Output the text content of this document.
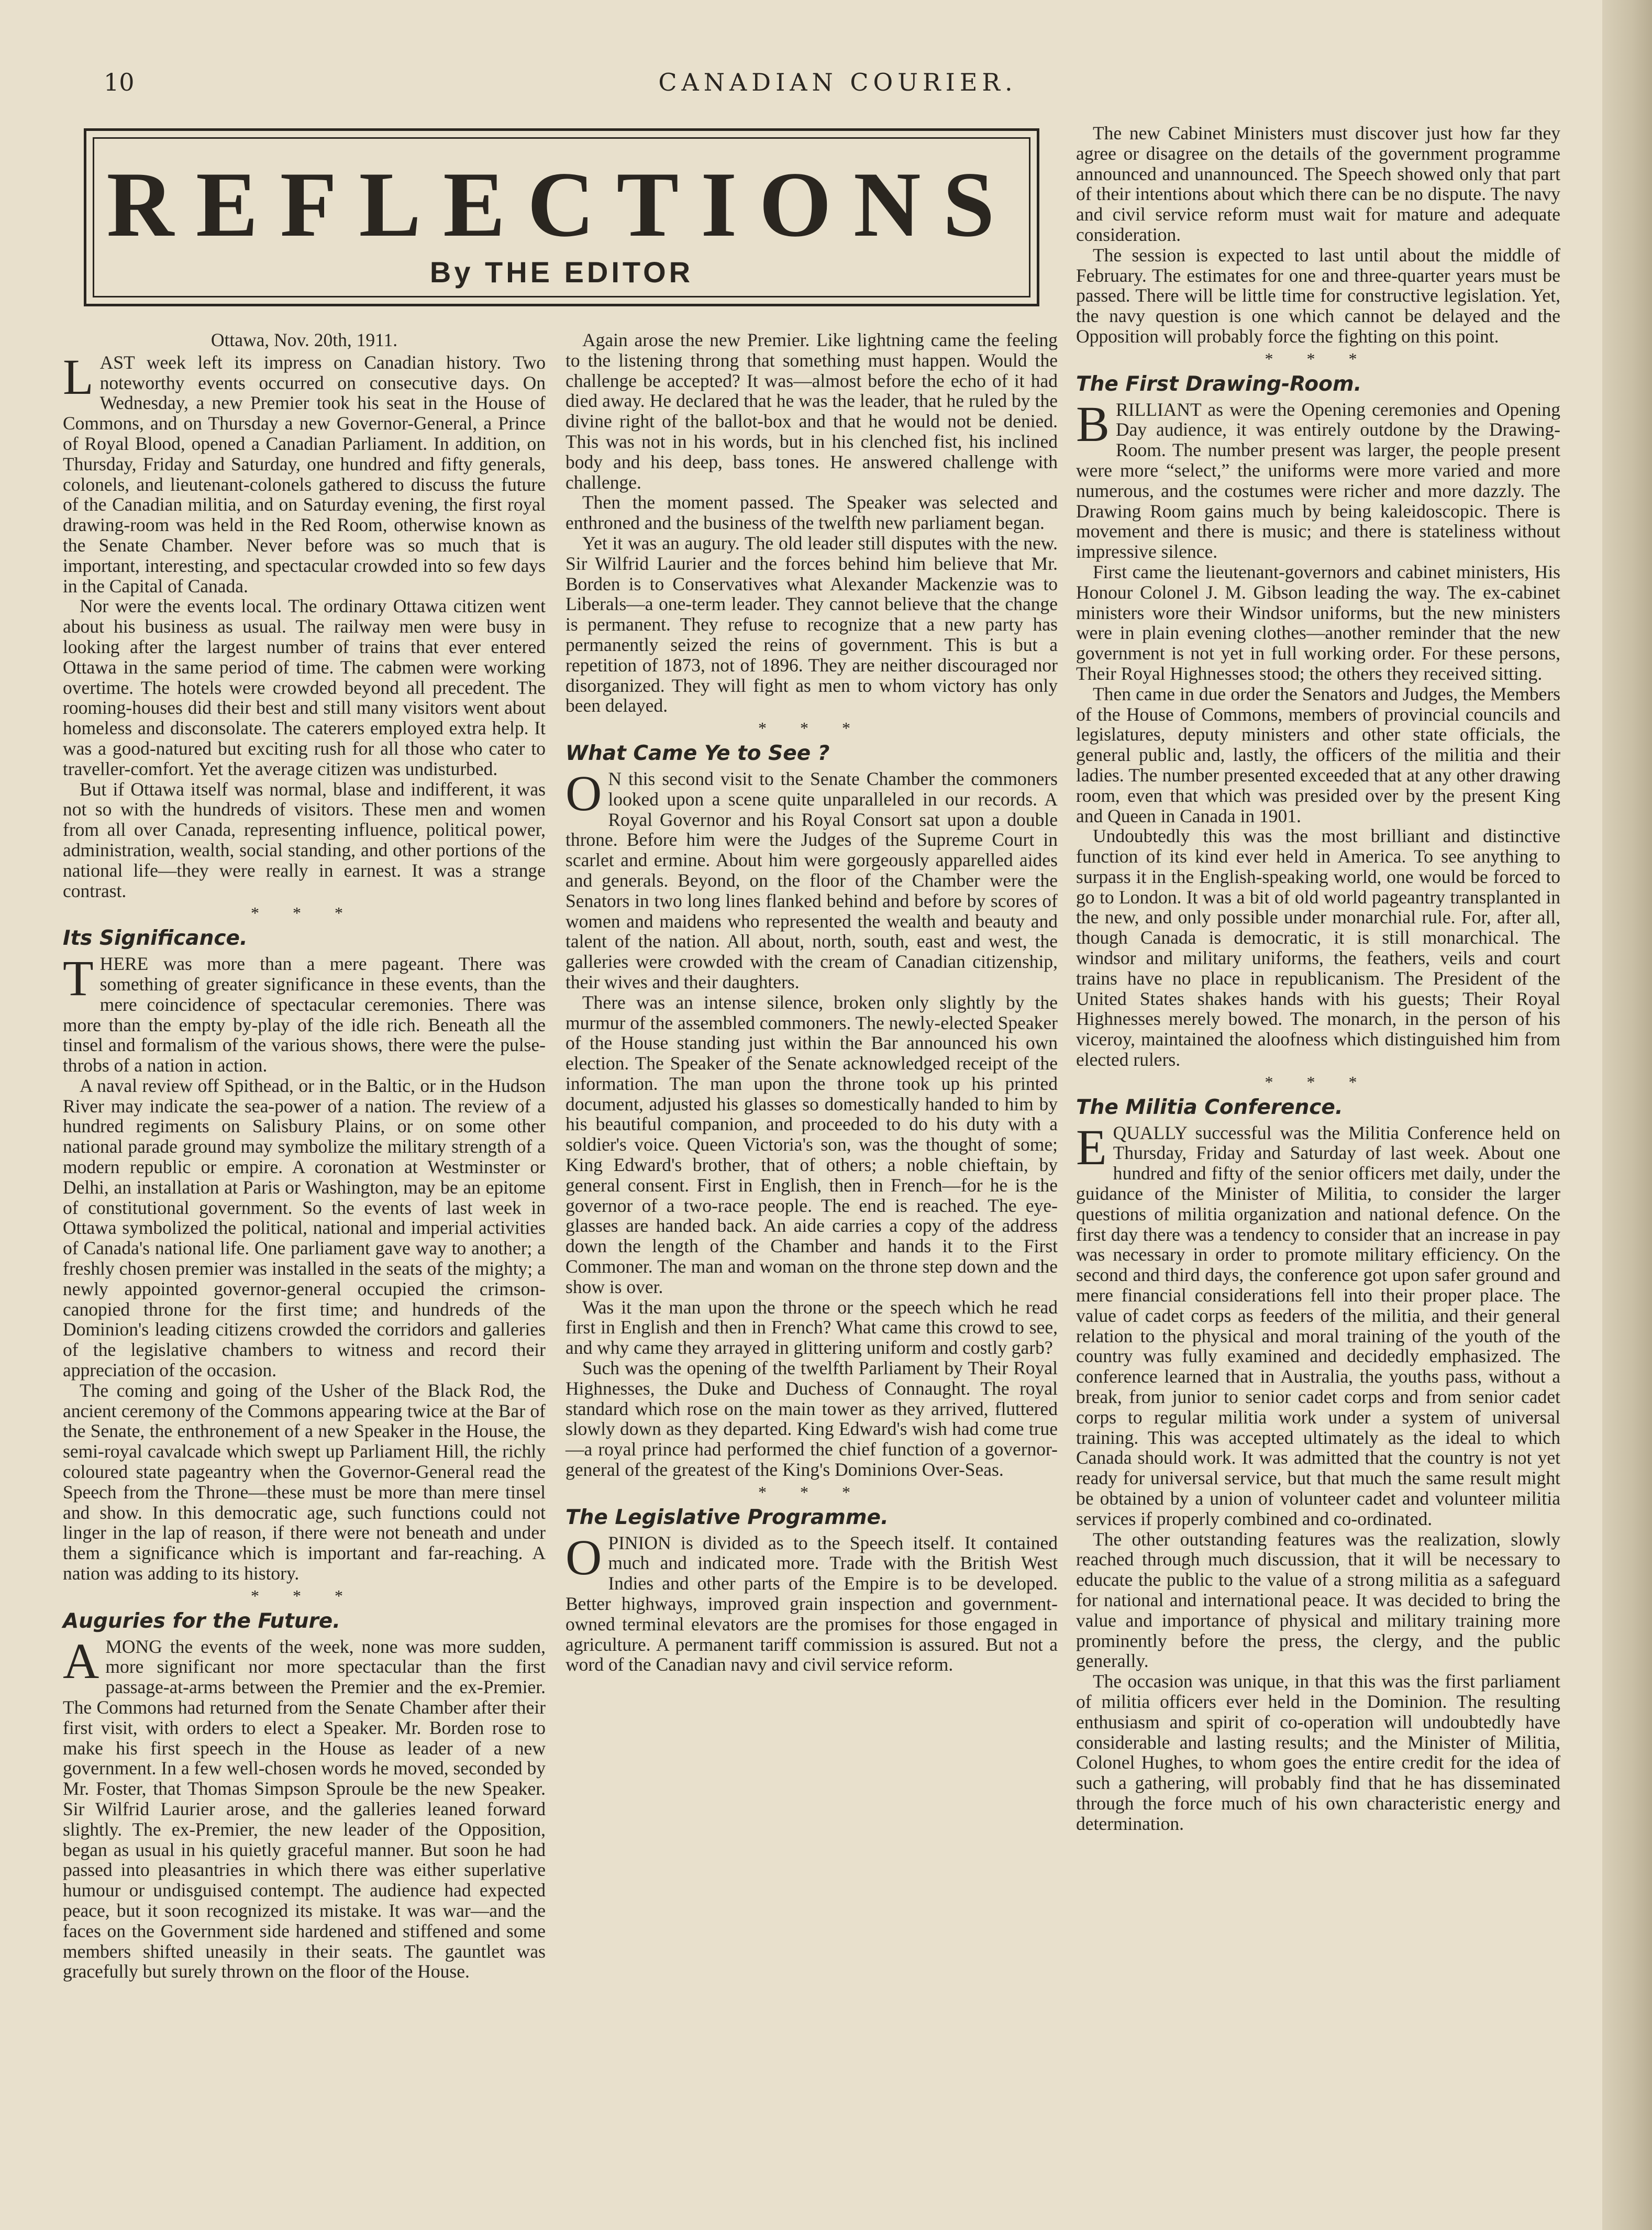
10	CANADIAN COURIER.
REFLECTIONS
By THE EDITOR

Ottawa, Nov. 20th, 1911.

LAST week left its impress on Canadian history. Two noteworthy events occurred on consecutive days. On Wednesday, a new Premier took his seat in the House of Commons, and on Thursday a new Governor-General, a Prince of Royal Blood, opened a Canadian Parliament. In addition, on Thursday, Friday and Saturday, one hundred and fifty generals, colonels, and lieutenant-colonels gathered to discuss the future of the Canadian militia, and on Saturday evening, the first royal drawing-room was held in the Red Room, otherwise known as the Senate Chamber. Never before was so much that is important, interesting, and spectacular crowded into so few days in the Capital of Canada.

Nor were the events local. The ordinary Ottawa citizen went about his business as usual. The railway men were busy in looking after the largest number of trains that ever entered Ottawa in the same period of time. The cabmen were working overtime. The hotels were crowded beyond all precedent. The rooming-houses did their best and still many visitors went about homeless and disconsolate. The caterers employed extra help. It was a good-natured but exciting rush for all those who cater to traveller-comfort. Yet the average citizen was undisturbed.

But if Ottawa itself was normal, blase and indifferent, it was not so with the hundreds of visitors. These men and women from all over Canada, representing influence, political power, administration, wealth, social standing, and other portions of the national life—they were really in earnest. It was a strange contrast.

* * *
Its Significance.

THERE was more than a mere pageant. There was something of greater significance in these events, than the mere coincidence of spectacular ceremonies. There was more than the empty by-play of the idle rich. Beneath all the tinsel and formalism of the various shows, there were the pulse-throbs of a nation in action.

A naval review off Spithead, or in the Baltic, or in the Hudson River may indicate the sea-power of a nation. The review of a hundred regiments on Salisbury Plains, or on some other national parade ground may symbolize the military strength of a modern republic or empire. A coronation at Westminster or Delhi, an installation at Paris or Washington, may be an epitome of constitutional government. So the events of last week in Ottawa symbolized the political, national and imperial activities of Canada's national life. One parliament gave way to another; a freshly chosen premier was installed in the seats of the mighty; a newly appointed governor-general occupied the crimson-canopied throne for the first time; and hundreds of the Dominion's leading citizens crowded the corridors and galleries of the legislative chambers to witness and record their appreciation of the occasion.

The coming and going of the Usher of the Black Rod, the ancient ceremony of the Commons appearing twice at the Bar of the Senate, the enthronement of a new Speaker in the House, the semi-royal cavalcade which swept up Parliament Hill, the richly coloured state pageantry when the Governor-General read the Speech from the Throne—these must be more than mere tinsel and show. In this democratic age, such functions could not linger in the lap of reason, if there were not beneath and under them a significance which is important and far-reaching. A nation was adding to its history.

* * *
Auguries for the Future.

AMONG the events of the week, none was more sudden, more significant nor more spectacular than the first passage-at-arms between the Premier and the ex-Premier. The Commons had returned from the Senate Chamber after their first visit, with orders to elect a Speaker. Mr. Borden rose to make his first speech in the House as leader of a new government. In a few well-chosen words he moved, seconded by Mr. Foster, that Thomas Simpson Sproule be the new Speaker. Sir Wilfrid Laurier arose, and the galleries leaned forward slightly. The ex-Premier, the new leader of the Opposition, began as usual in his quietly graceful manner. But soon he had passed into pleasantries in which there was either superlative humour or undisguised contempt. The audience had expected peace, but it soon recognized its mistake. It was war—and the faces on the Government side hardened and stiffened and some members shifted uneasily in their seats. The gauntlet was gracefully but surely thrown on the floor of the House.

Again arose the new Premier. Like lightning came the feeling to the listening throng that something must happen. Would the challenge be accepted? It was—almost before the echo of it had died away. He declared that he was the leader, that he ruled by the divine right of the ballot-box and that he would not be denied. This was not in his words, but in his clenched fist, his inclined body and his deep, bass tones. He answered challenge with challenge.

Then the moment passed. The Speaker was selected and enthroned and the business of the twelfth new parliament began.

Yet it was an augury. The old leader still disputes with the new. Sir Wilfrid Laurier and the forces behind him believe that Mr. Borden is to Conservatives what Alexander Mackenzie was to Liberals—a one-term leader. They cannot believe that the change is permanent. They refuse to recognize that a new party has permanently seized the reins of government. This is but a repetition of 1873, not of 1896. They are neither discouraged nor disorganized. They will fight as men to whom victory has only been delayed.

* * *
What Came Ye to See ?

O N this second visit to the Senate Chamber the commoners looked upon a scene quite unparalleled in our records. A Royal Governor and his Royal Consort sat upon a double throne. Before him were the Judges of the Supreme Court in scarlet and ermine. About him were gorgeously apparelled aides and generals. Beyond, on the floor of the Chamber were the Senators in two long lines flanked behind and before by scores of women and maidens who represented the wealth and beauty and talent of the nation. All about, north, south, east and west, the galleries were crowded with the cream of Canadian citizenship, their wives and their daughters.

There was an intense silence, broken only slightly by the murmur of the assembled commoners. The newly-elected Speaker of the House standing just within the Bar announced his own election. The Speaker of the Senate acknowledged receipt of the information. The man upon the throne took up his printed document, adjusted his glasses so domestically handed to him by his beautiful companion, and proceeded to do his duty with a soldier's voice. Queen Victoria's son, was the thought of some; King Edward's brother, that of others; a noble chieftain, by general consent. First in English, then in French—for he is the governor of a two-race people. The end is reached. The eye-glasses are handed back. An aide carries a copy of the address down the length of the Chamber and hands it to the First Commoner. The man and woman on the throne step down and the show is over.

Was it the man upon the throne or the speech which he read first in English and then in French? What came this crowd to see, and why came they arrayed in glittering uniform and costly garb?

Such was the opening of the twelfth Parliament by Their Royal Highnesses, the Duke and Duchess of Connaught. The royal standard which rose on the main tower as they arrived, fluttered slowly down as they departed. King Edward's wish had come true—a royal prince had performed the chief function of a governor-general of the greatest of the King's Dominions Over-Seas.

* * *
The Legislative Programme.

OPINION is divided as to the Speech itself. It contained much and indicated more. Trade with the British West Indies and other parts of the Empire is to be developed. Better highways, improved grain inspection and government-owned terminal elevators are the promises for those engaged in agriculture. A permanent tariff commission is assured. But not a word of the Canadian navy and civil service reform.

The new Cabinet Ministers must discover just how far they agree or disagree on the details of the government programme announced and unannounced. The Speech showed only that part of their intentions about which there can be no dispute. The navy and civil service reform must wait for mature and adequate consideration.

The session is expected to last until about the middle of February. The estimates for one and three-quarter years must be passed. There will be little time for constructive legislation. Yet, the navy question is one which cannot be delayed and the Opposition will probably force the fighting on this point.

* * *
The First Drawing-Room.

BRILLIANT as were the Opening ceremonies and Opening Day audience, it was entirely outdone by the Drawing-Room. The number present was larger, the people present were more “select,” the uniforms were more varied and more numerous, and the costumes were richer and more dazzly. The Drawing Room gains much by being kaleidoscopic. There is movement and there is music; and there is stateliness without impressive silence.

First came the lieutenant-governors and cabinet ministers, His Honour Colonel J. M. Gibson leading the way. The ex-cabinet ministers wore their Windsor uniforms, but the new ministers were in plain evening clothes—another reminder that the new government is not yet in full working order. For these persons, Their Royal Highnesses stood; the others they received sitting.

Then came in due order the Senators and Judges, the Members of the House of Commons, members of provincial councils and legislatures, deputy ministers and other state officials, the general public and, lastly, the officers of the militia and their ladies. The number presented exceeded that at any other drawing room, even that which was presided over by the present King and Queen in Canada in 1901.

Undoubtedly this was the most brilliant and distinctive function of its kind ever held in America. To see anything to surpass it in the English-speaking world, one would be forced to go to London. It was a bit of old world pageantry transplanted in the new, and only possible under monarchial rule. For, after all, though Canada is democratic, it is still monarchical. The windsor and military uniforms, the feathers, veils and court trains have no place in republicanism. The President of the United States shakes hands with his guests; Their Royal Highnesses merely bowed. The monarch, in the person of his viceroy, maintained the aloofness which distinguished him from elected rulers.

* * *
The Militia Conference.

EQUALLY successful was the Militia Conference held on Thursday, Friday and Saturday of last week. About one hundred and fifty of the senior officers met daily, under the guidance of the Minister of Militia, to consider the larger questions of militia organization and national defence. On the first day there was a tendency to consider that an increase in pay was necessary in order to promote military efficiency. On the second and third days, the conference got upon safer ground and mere financial considerations fell into their proper place. The value of cadet corps as feeders of the militia, and their general relation to the physical and moral training of the youth of the country was fully examined and decidedly emphasized. The conference learned that in Australia, the youths pass, without a break, from junior to senior cadet corps and from senior cadet corps to regular militia work under a system of universal training. This was accepted ultimately as the ideal to which Canada should work. It was admitted that the country is not yet ready for universal service, but that much the same result might be obtained by a union of volunteer cadet and volunteer militia services if properly combined and co-ordinated.

The other outstanding features was the realization, slowly reached through much discussion, that it will be necessary to educate the public to the value of a strong militia as a safeguard for national and international peace. It was decided to bring the value and importance of physical and military training more prominently before the press, the clergy, and the public generally.

The occasion was unique, in that this was the first parliament of militia officers ever held in the Dominion. The resulting enthusiasm and spirit of co-operation will undoubtedly have considerable and lasting results; and the Minister of Militia, Colonel Hughes, to whom goes the entire credit for the idea of such a gathering, will probably find that he has disseminated through the force much of his own characteristic energy and determination.
